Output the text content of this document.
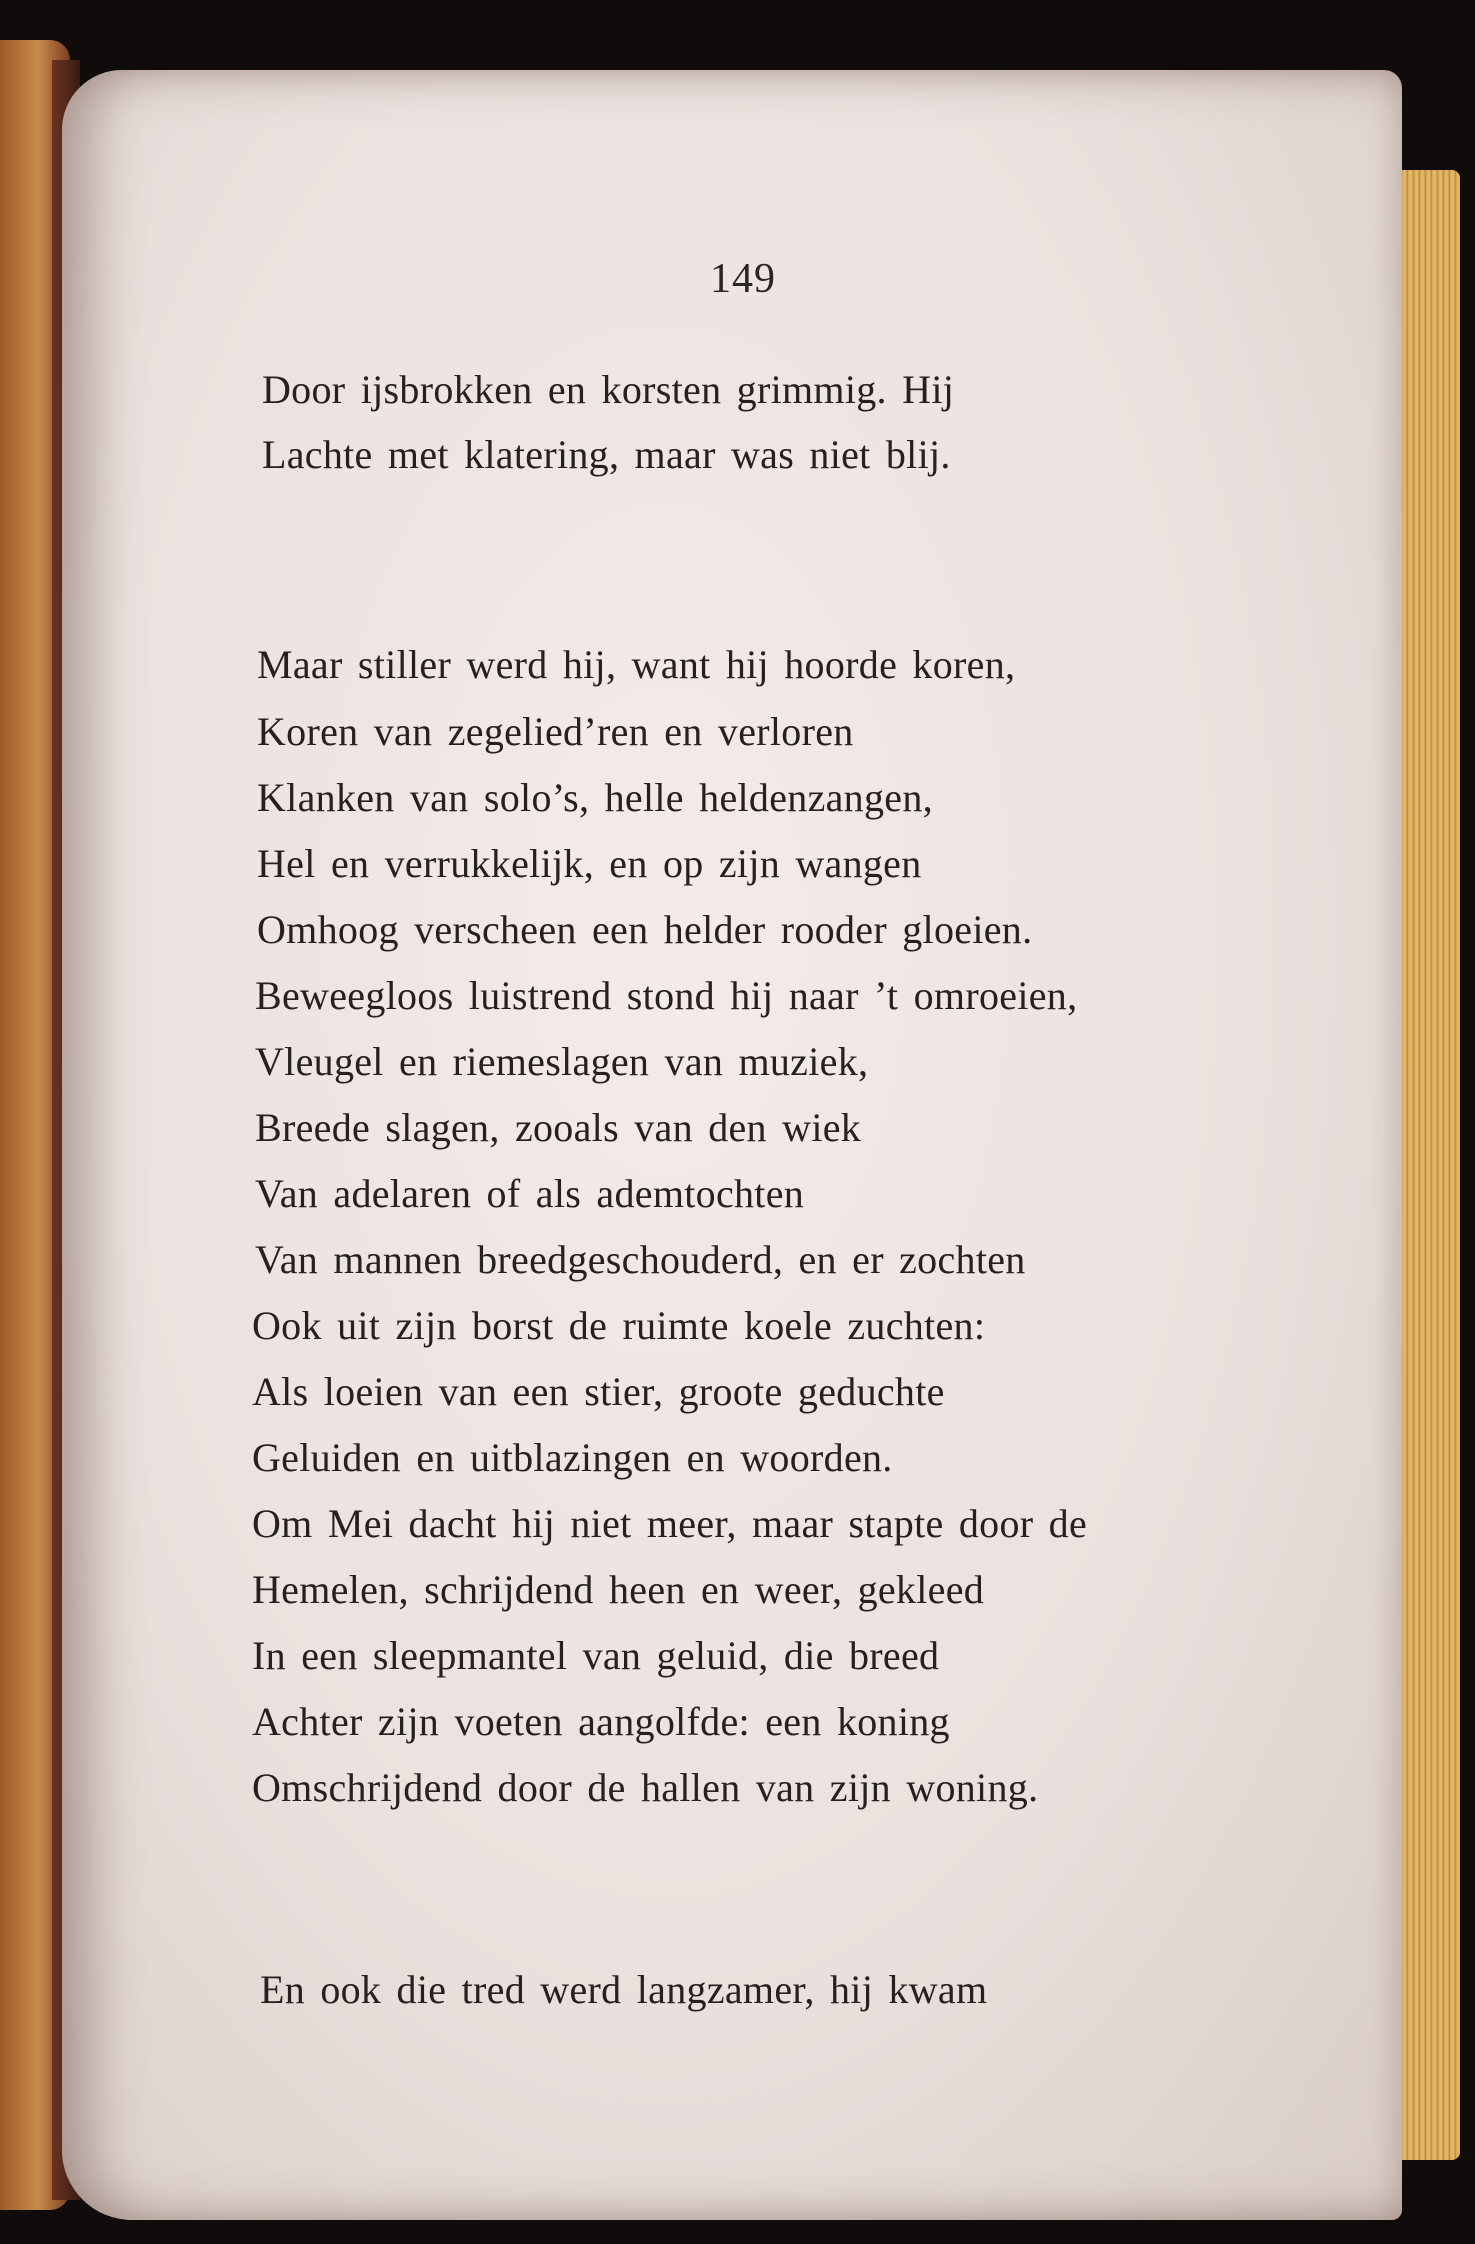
149
Door ijsbrokken en korsten grimmig. Hij
Lachte met klatering, maar was niet blij.
Maar stiller werd hij, want hij hoorde koren,
Koren van zegelied’ren en verloren
Klanken van solo’s, helle heldenzangen,
Hel en verrukkelijk, en op zijn wangen
Omhoog verscheen een helder rooder gloeien.
Beweegloos luistrend stond hij naar ’t omroeien,
Vleugel en riemeslagen van muziek,
Breede slagen, zooals van den wiek
Van adelaren of als ademtochten
Van mannen breedgeschouderd, en er zochten
Ook uit zijn borst de ruimte koele zuchten:
Als loeien van een stier, groote geduchte
Geluiden en uitblazingen en woorden.
Om Mei dacht hij niet meer, maar stapte door de
Hemelen, schrijdend heen en weer, gekleed
In een sleepmantel van geluid, die breed
Achter zijn voeten aangolfde: een koning
Omschrijdend door de hallen van zijn woning.
En ook die tred werd langzamer, hij kwam
